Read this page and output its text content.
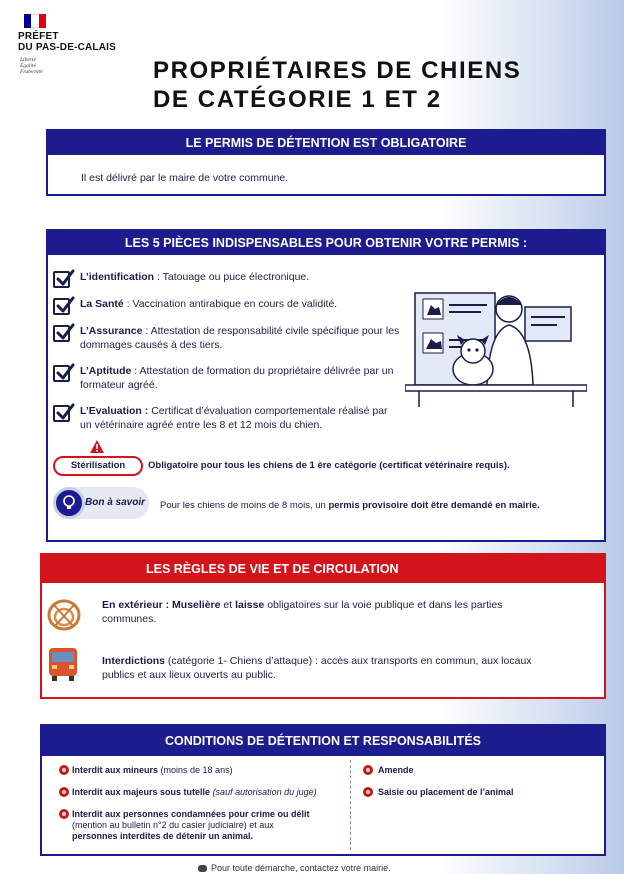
PRÉFET
DU PAS-DE-CALAIS
Liberté
Égalité
Fraternité	PROPRIÉTAIRES DE CHIENS
DE CATÉGORIE 1 ET 2
LE PERMIS DE DÉTENTION EST OBLIGATOIRE
Il est délivré par le maire de votre commune.
LES 5 PIÈCES INDISPENSABLES POUR OBTENIR VOTRE PERMIS :
L’identification : Tatouage ou puce électronique.
La Santé : Vaccination antirabique en cours de validité.
L’Assurance : Attestation de responsabilité civile spécifique pour les dommages causés à des tiers.
L’Aptitude : Attestation de formation du propriétaire délivrée par un formateur agréé.
L’Evaluation : Certificat d’évaluation comportementale réalisé par un vétérinaire agréé entre les 8 et 12 mois du chien.
Stérilisation	Obligatoire pour tous les chiens de 1 ère catégorie (certificat vétérinaire requis).
Bon à savoir Pour les chiens de moins de 8 mois, un permis provisoire doit être demandé en mairie.
LES RÈGLES DE VIE ET DE CIRCULATION
En extérieur : Muselière et laisse obligatoires sur la voie publique et dans les parties communes.
Interdictions (catégorie 1- Chiens d’attaque) : accès aux transports en commun, aux locaux publics et aux lieux ouverts au public.
CONDITIONS DE DÉTENTION ET RESPONSABILITÉS
Interdit aux mineurs (moins de 18 ans)
Interdit aux majeurs sous tutelle (sauf autorisation du juge)
Interdit aux personnes condamnées pour crime ou délit (mention au bulletin n°2 du casier judiciaire) et aux personnes interdites de détenir un animal.
Amende
Saisie ou placement de l’animal
Pour toute démarche, contactez votre mairie.
